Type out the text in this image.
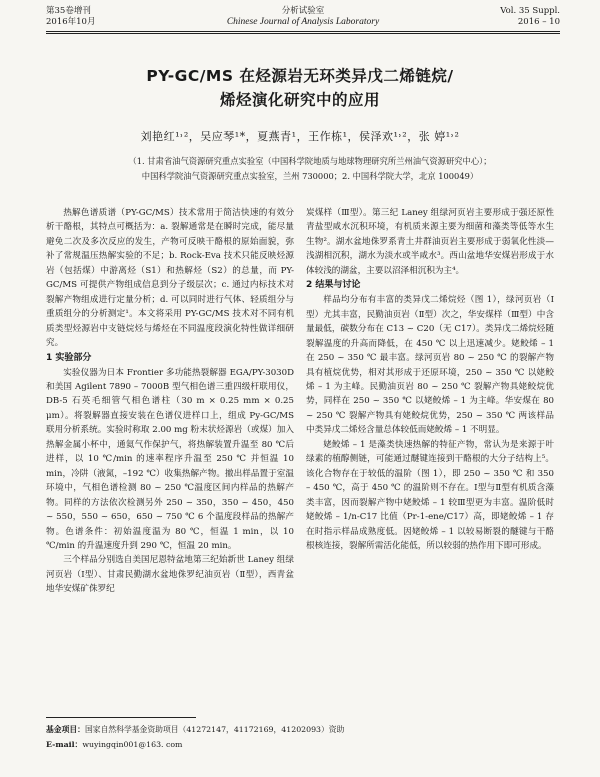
第35卷增刊
2016年10月
分析试验室
Chinese Journal of Analysis Laboratory
Vol. 35 Suppl.
2016 – 10
PY-GC/MS 在烃源岩无环类异戊二烯链烷/
烯烃演化研究中的应用
刘艳红¹˒²，吴应琴¹*，夏燕青¹，王作栋¹，侯泽欢¹˒²，张 婷¹˒²
（1. 甘肃省油气资源研究重点实验室（中国科学院地质与地球物理研究所兰州油气资源研究中心）；
中国科学院油气资源研究重点实验室，兰州 730000；2. 中国科学院大学，北京 100049）

热解色谱质谱（PY-GC/MS）技术常用于简洁快速的有效分析干酪根，其特点可概括为：a. 裂解通常是在瞬时完成，能尽量避免二次及多次反应的发生，产物可反映干酪根的原始面貌，弥补了常规温压热解实验的不足；b. Rock-Eva 技术只能反映烃源岩（包括煤）中游离烃（S1）和热解烃（S2）的总量，而 PY-GC/MS 可提供产物组成信息到分子级层次；c. 通过内标技术对裂解产物组成进行定量分析；d. 可以同时进行气体、轻质组分与重质组分的分析测定¹。本文将采用 PY-GC/MS 技术对不同有机质类型烃源岩中支链烷烃与烯烃在不同温度段演化特性做详细研究。

1 实验部分

实验仪器为日本 Frontier 多功能热裂解器 EGA/PY-3030D 和美国 Agilent 7890 – 7000B 型气相色谱三重四级杆联用仪，DB-5 石英毛细管气相色谱柱（30 m × 0.25 mm × 0.25 μm）。将裂解器直接安装在色谱仪进样口上，组成 Py-GC/MS 联用分析系统。实验时称取 2.00 mg 粉末状烃源岩（或煤）加入热解金属小杯中，通氦气作保护气，将热解装置升温至 80 ℃后进样，以 10 ℃/min 的速率程序升温至 250 ℃ 并恒温 10 min，冷阱（液氮，–192 ℃）收集热解产物。撤出样品置于室温环境中，气相色谱检测 80 ~ 250 ℃温度区间内样品的热解产物。同样的方法依次检测另外 250 ~ 350，350 ~ 450，450 ~ 550，550 ~ 650，650 ~ 750 ℃ 6 个温度段样品的热解产物。色谱条件：初始温度温为 80 ℃，恒温 1 min，以 10 ℃/min 的升温速度升到 290 ℃，恒温 20 min。

三个样品分别选自美国尼恩特盆地第三纪始新世 Laney 组绿河页岩（Ⅰ型）、甘肃民勤湖水盆地侏罗纪油页岩（Ⅱ型），西青盆地华安煤矿侏罗纪

炭煤样（Ⅲ型）。第三纪 Laney 组绿河页岩主要形成于强还原性青盐型咸水沉积环境，有机质来源主要为细菌和藻类等低等水生生物²。湖水盆地侏罗系青土井群油页岩主要形成于弱氧化性淡—浅湖相沉积，湖水为淡水或半咸水³。西山盆地华安煤岩形成于水体较浅的湖盆，主要以沼泽相沉积为主⁴。

2 结果与讨论

样品均分布有丰富的类异戊二烯烷烃（图 1），绿河页岩（Ⅰ型）尤其丰富，民勤油页岩（Ⅱ型）次之，华安煤样（Ⅲ型）中含量最低，碳数分布在 C13 ~ C20（无 C17）。类异戊二烯烷烃随裂解温度的升高而降低，在 450 ℃ 以上迅速减少。姥鲛烯 – 1 在 250 ~ 350 ℃ 最丰富。绿河页岩 80 ~ 250 ℃ 的裂解产物具有植烷优势，相对其形成于还原环境，250 ~ 350 ℃ 以姥鲛烯 – 1 为主峰。民勤油页岩 80 ~ 250 ℃ 裂解产物具姥鲛烷优势，同样在 250 ~ 350 ℃ 以姥鲛烯 – 1 为主峰。华安煤在 80 ~ 250 ℃ 裂解产物具有姥鲛烷优势，250 ~ 350 ℃ 两该样品中类异戊二烯烃含量总体较低而姥鲛烯 – 1 不明显。

姥鲛烯 – 1 是藻类快速热解的特征产物，常认为是来源于叶绿素的植醇侧链，可能通过醚键连接到干酪根的大分子结构上⁵。该化合物存在于较低的温阶（图 1），即 250 ~ 350 ℃ 和 350 – 450 ℃，高于 450 ℃ 的温阶则不存在。Ⅰ型与Ⅱ型有机质含藻类丰富，因而裂解产物中姥鲛烯 – 1 较Ⅲ型更为丰富。温阶低时姥鲛烯 – 1/n-C17 比值（Pr-1-ene/C17）高，即姥鲛烯 – 1 存在时指示样品成熟度低。因姥鲛烯 – 1 以较易断裂的醚键与干酪根核连接，裂解所需活化能低，所以较弱的热作用下即可形成。

基金项目：国家自然科学基金资助项目（41272147，41172169，41202093）资助
E-mail：wuyingqin001@163. com
